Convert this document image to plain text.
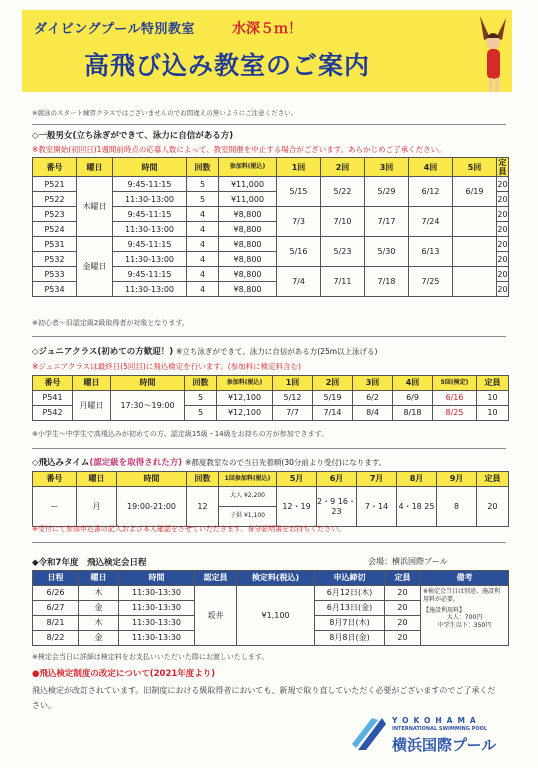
ダイビングプール特別教室	水深５ｍ！
高飛び込み教室のご案内
※競泳のスタート練習クラスではございませんのでお間違えの無いようにご注意ください。
◇一般男女(立ち泳ぎができて、泳力に自信がある方)
※教室開始(初回日)1週間前時点の応募人数によって、教室開催を中止する場合がございます。あらかじめご了承ください。
番号	曜日	時間	回数	参加料(税込)	1回	2回	3回	4回	5回	定員
P521	木曜日	9:45-11:15	5	¥11,000	5/15	5/22	5/29	6/12	6/19	20
P522		11:30-13:00	5	¥11,000						20
P523		9:45-11:15	4	¥8,800	7/3	7/10	7/17	7/24		20
P524		11:30-13:00	4	¥8,800						20
P531	金曜日	9:45-11:15	4	¥8,800	5/16	5/23	5/30	6/13		20
P532		11:30-13:00	4	¥8,800						20
P533		9:45-11:15	4	¥8,800	7/4	7/11	7/18	7/25		20
P534		11:30-13:00	4	¥8,800						20
※初心者～旧認定級2級取得者が対象となります。
◇ジュニアクラス(初めての方歓迎！) ※立ち泳ぎができて、泳力に自信がある方(25m以上泳げる)
※ジュニアクラスは最終日(5回目)に飛込検定を行います。(参加料に検定料含む)
番号	曜日	時間	回数	参加料(税込)	1回	2回	3回	4回	5回(検定)	定員
P541	月曜日	17:30～19:00	5	¥12,100	5/12	5/19	6/2	6/9	6/16	10
P542			5	¥12,100	7/7	7/14	8/4	8/18	8/25	10
※小学生～中学生で高飛込みが初めての方、認定級15級・14級をお持ちの方が参加できます。
◇飛込みタイム(認定級を取得された方) ※都度教室なので当日先着順(30分前より受付)になります。
番号	曜日	時間	回数	1回参加料(税込)	5月	6月	7月	8月	9月	定員
ー	月	19:00-21:00	12	大人 ¥2,200	12・19	2・9 16・23	7・14	4・18 25	8	20
				子供 ¥1,100						
※受付にて参加申込書の記入および本人確認をさせていただきます。身分証明書をお持ちください。
◆令和7年度　飛込検定会日程	会場：横浜国際プール
日程	曜日	時間	認定員	検定料(税込)	申込締切	定員	備考
6/26	木	11:30-13:30	坂井	¥1,100	6月12日(木)	20	※検定会当日は別途、施設利用料が必要。
【施設利用料】
大人：700円
中学生以下：350円

6/27	金	11:30-13:30			6月13日(金)	20	
8/21	木	11:30-13:30			8月7日(木)	20	
8/22	金	11:30-13:30			8月8日(金)	20	
※検定会当日に詳細は検定料をお支払いいただいた際にお渡しいたします。
●飛込検定制度の改定について(2021年度より)
飛込検定が改訂されています。旧制度における級取得者においても、新規で取り直していただく必要がございますのでご了承ください。
YOKOHAMA
INTERNATIONAL SWIMMING POOL
横浜国際プール
